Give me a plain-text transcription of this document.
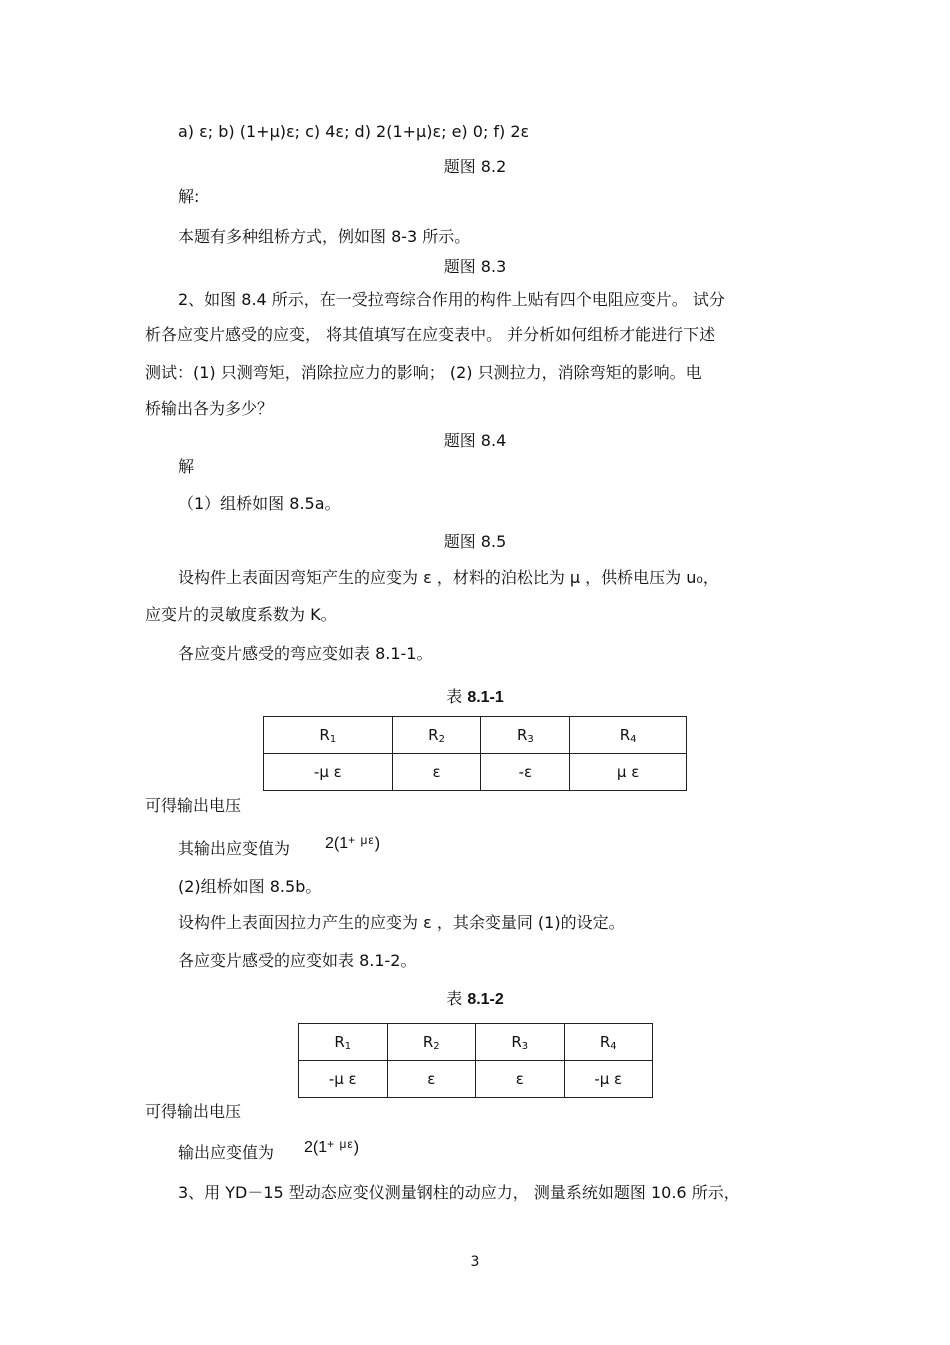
a) ε; b) (1+μ)ε; c) 4ε; d) 2(1+μ)ε; e) 0; f) 2ε
题图 8.2
解:
本题有多种组桥方式，例如图 8-3 所示。
题图 8.3
2、如图 8.4 所示，在一受拉弯综合作用的构件上贴有四个电阻应变片。 试分
析各应变片感受的应变， 将其值填写在应变表中。 并分析如何组桥才能进行下述
测试：(1) 只测弯矩，消除拉应力的影响； (2) 只测拉力，消除弯矩的影响。电
桥输出各为多少？
题图 8.4
解
（1）组桥如图 8.5a。
题图 8.5
设构件上表面因弯矩产生的应变为 ε ，材料的泊松比为 μ ，供桥电压为 u₀，
应变片的灵敏度系数为 K。
各应变片感受的弯应变如表 8.1-1。
表 8.1-1
$R_1$	$R_2$	$R_3$	$R_4$
-μ ε	ε	-ε	μ ε
可得输出电压
其输出应变值为 $2(1^{+ \mu\varepsilon})$
(2)组桥如图 8.5b。
设构件上表面因拉力产生的应变为 ε ，其余变量同 (1)的设定。
各应变片感受的应变如表 8.1-2。
表 8.1-2
$R_1$	$R_2$	$R_3$	$R_4$
-μ ε	ε	ε	-μ ε
可得输出电压
输出应变值为 $2(1^{+ \mu\varepsilon})$
3、用 YD－15 型动态应变仪测量钢柱的动应力， 测量系统如题图 10.6 所示，
3
